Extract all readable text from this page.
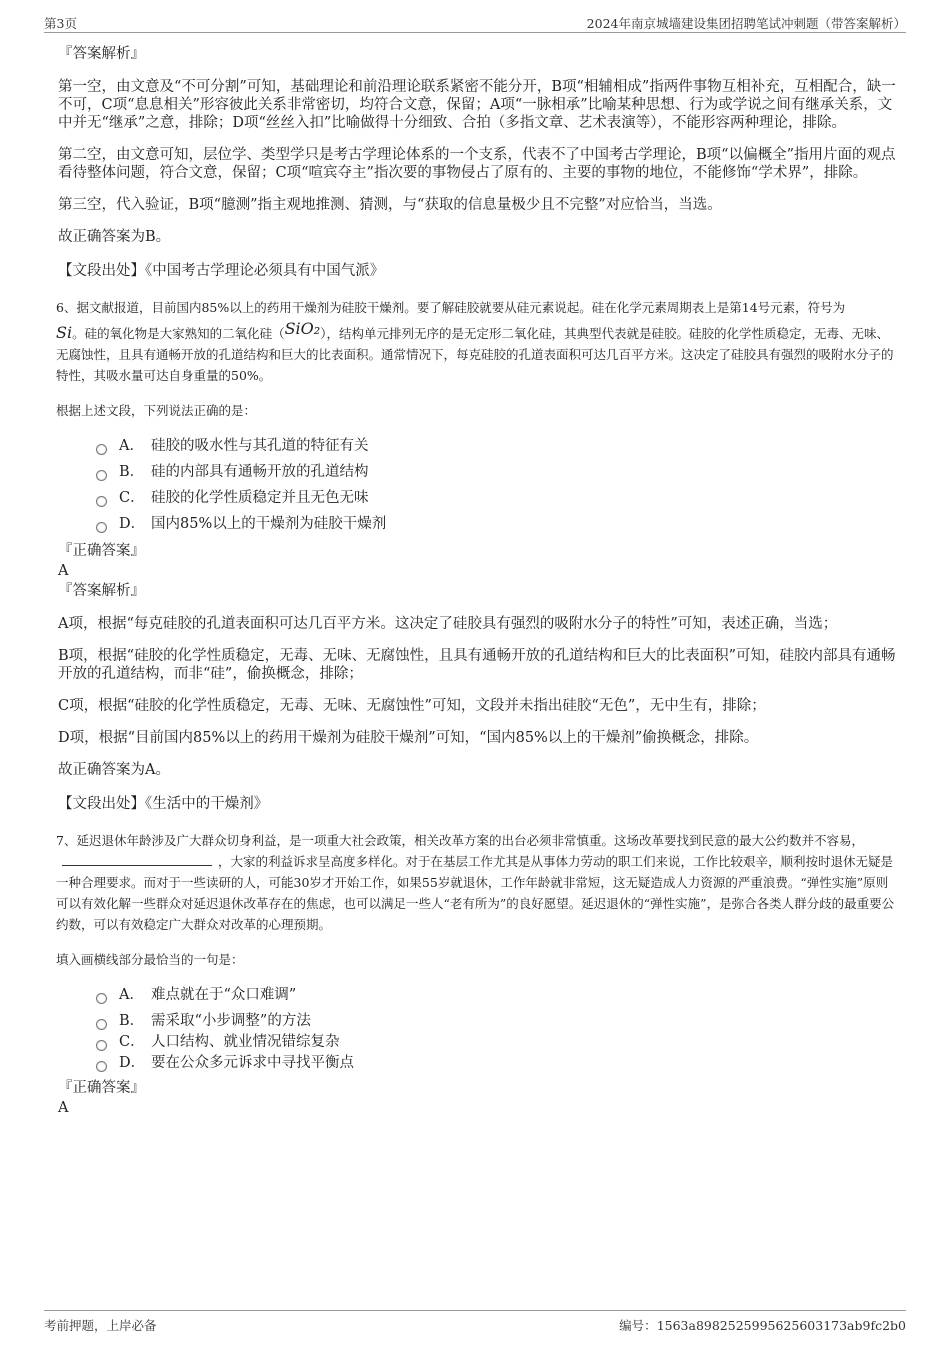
第3页	2024年南京城墙建设集团招聘笔试冲刺题（带答案解析）
『答案解析』
第一空，由文意及“不可分割”可知，基础理论和前沿理论联系紧密不能分开，B项“相辅相成”指两件事物互相补充，互相配合，缺一不可，C项“息息相关”形容彼此关系非常密切，均符合文意，保留；A项“一脉相承”比喻某种思想、行为或学说之间有继承关系，文中并无“继承”之意，排除；D项“丝丝入扣”比喻做得十分细致、合拍（多指文章、艺术表演等），不能形容两种理论，排除。
第二空，由文意可知，层位学、类型学只是考古学理论体系的一个支系，代表不了中国考古学理论，B项“以偏概全”指用片面的观点看待整体问题，符合文意，保留；C项“喧宾夺主”指次要的事物侵占了原有的、主要的事物的地位，不能修饰“学术界”，排除。
第三空，代入验证，B项“臆测”指主观地推测、猜测，与“获取的信息量极少且不完整”对应恰当，当选。
故正确答案为B。
【文段出处】《中国考古学理论必须具有中国气派》
6、据文献报道，目前国内85%以上的药用干燥剂为硅胶干燥剂。要了解硅胶就要从硅元素说起。硅在化学元素周期表上是第14号元素，符号为
Si。硅的氧化物是大家熟知的二氧化硅（SiO₂），结构单元排列无序的是无定形二氧化硅，其典型代表就是硅胶。硅胶的化学性质稳定，无毒、无味、无腐蚀性，且具有通畅开放的孔道结构和巨大的比表面积。通常情况下，每克硅胶的孔道表面积可达几百平方米。这决定了硅胶具有强烈的吸附水分子的特性，其吸水量可达自身重量的50%。
根据上述文段，下列说法正确的是：
A． 硅胶的吸水性与其孔道的特征有关
B． 硅的内部具有通畅开放的孔道结构
C． 硅胶的化学性质稳定并且无色无味
D． 国内85%以上的干燥剂为硅胶干燥剂
『正确答案』
A
『答案解析』
A项，根据“每克硅胶的孔道表面积可达几百平方米。这决定了硅胶具有强烈的吸附水分子的特性”可知，表述正确，当选；
B项，根据“硅胶的化学性质稳定，无毒、无味、无腐蚀性，且具有通畅开放的孔道结构和巨大的比表面积”可知，硅胶内部具有通畅开放的孔道结构，而非“硅”，偷换概念，排除；
C项，根据“硅胶的化学性质稳定，无毒、无味、无腐蚀性”可知，文段并未指出硅胶“无色”，无中生有，排除；
D项，根据“目前国内85%以上的药用干燥剂为硅胶干燥剂”可知，“国内85%以上的干燥剂”偷换概念，排除。
故正确答案为A。
【文段出处】《生活中的干燥剂》
7、延迟退休年龄涉及广大群众切身利益，是一项重大社会政策，相关改革方案的出台必须非常慎重。这场改革要找到民意的最大公约数并不容易，，大家的利益诉求呈高度多样化。对于在基层工作尤其是从事体力劳动的职工们来说，工作比较艰辛，顺利按时退休无疑是一种合理要求。而对于一些读研的人，可能30岁才开始工作，如果55岁就退休，工作年龄就非常短，这无疑造成人力资源的严重浪费。“弹性实施”原则可以有效化解一些群众对延迟退休改革存在的焦虑，也可以满足一些人“老有所为”的良好愿望。延迟退休的“弹性实施”，是弥合各类人群分歧的最重要公约数，可以有效稳定广大群众对改革的心理预期。
填入画横线部分最恰当的一句是：
A． 难点就在于“众口难调”
B． 需采取“小步调整”的方法
C． 人口结构、就业情况错综复杂
D． 要在公众多元诉求中寻找平衡点
『正确答案』
A
考前押题，上岸必备	编号：1563a8982525995625603173ab9fc2b0
